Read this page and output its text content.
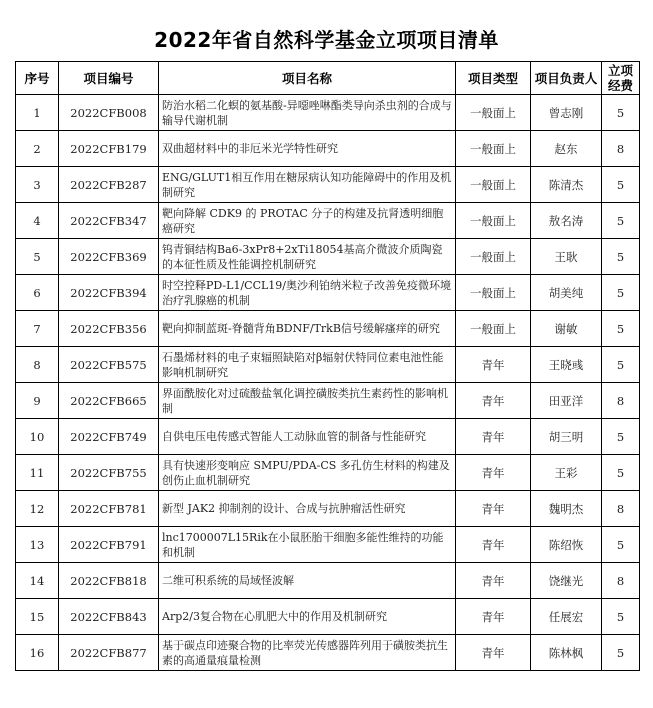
2022年省自然科学基金立项项目清单
序号	项目编号	项目名称	项目类型	项目负责人	立项经费
1	2022CFB008	防治水稻二化螟的氨基酸-异噁唑啉酯类导向杀虫剂的合成与输导代谢机制	一般面上	曾志刚	5
2	2022CFB179	双曲超材料中的非厄米光学特性研究	一般面上	赵东	8
3	2022CFB287	ENG/GLUT1相互作用在糖尿病认知功能障碍中的作用及机制研究	一般面上	陈清杰	5
4	2022CFB347	靶向降解 CDK9 的 PROTAC 分子的构建及抗肾透明细胞癌研究	一般面上	敖名涛	5
5	2022CFB369	钨青铜结构Ba6-3xPr8+2xTi18054基高介微波介质陶瓷的本征性质及性能调控机制研究	一般面上	王耿	5
6	2022CFB394	时空控释PD-L1/CCL19/奥沙利铂纳米粒子改善免疫微环境治疗乳腺癌的机制	一般面上	胡美纯	5
7	2022CFB356	靶向抑制蓝斑-脊髓背角BDNF/TrkB信号缓解瘙痒的研究	一般面上	谢敏	5
8	2022CFB575	石墨烯材料的电子束辐照缺陷对β辐射伏特同位素电池性能影响机制研究	青年	王晓彧	5
9	2022CFB665	界面酰胺化对过硫酸盐氧化调控磺胺类抗生素药性的影响机制	青年	田亚洋	8
10	2022CFB749	自供电压电传感式智能人工动脉血管的制备与性能研究	青年	胡三明	5
11	2022CFB755	具有快速形变响应 SMPU/PDA-CS 多孔仿生材料的构建及创伤止血机制研究	青年	王彩	5
12	2022CFB781	新型 JAK2 抑制剂的设计、合成与抗肿瘤活性研究	青年	魏明杰	8
13	2022CFB791	lnc1700007L15Rik在小鼠胚胎干细胞多能性维持的功能和机制	青年	陈绍恢	5
14	2022CFB818	二维可积系统的局域怪波解	青年	饶继光	8
15	2022CFB843	Arp2/3复合物在心肌肥大中的作用及机制研究	青年	任展宏	5
16	2022CFB877	基于碳点印迹聚合物的比率荧光传感器阵列用于磺胺类抗生素的高通量痕量检测	青年	陈林枫	5
